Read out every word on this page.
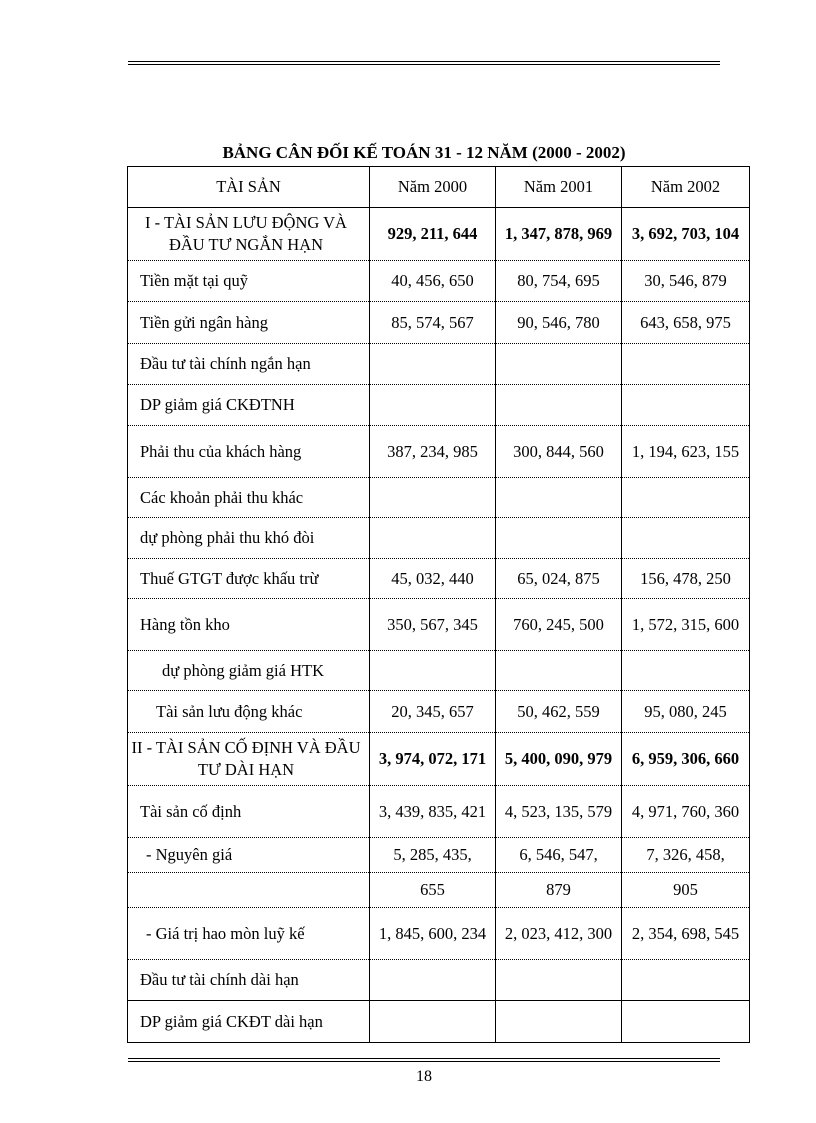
BẢNG CÂN ĐỐI KẾ TOÁN 31 - 12 NĂM (2000 - 2002)
TÀI SẢN	Năm 2000	Năm 2001	Năm 2002
I - TÀI SẢN LƯU ĐỘNG VÀ ĐẦU TƯ NGẮN HẠN	929, 211, 644	1, 347, 878, 969	3, 692, 703, 104
Tiền mặt tại quỹ	40, 456, 650	80, 754, 695	30, 546, 879
Tiền gửi ngân hàng	85, 574, 567	90, 546, 780	643, 658, 975
Đầu tư tài chính ngắn hạn			
DP giảm giá CKĐTNH			
Phải thu của khách hàng	387, 234, 985	300, 844, 560	1, 194, 623, 155
Các khoản phải thu khác			
dự phòng phải thu khó đòi			
Thuế GTGT được khấu trừ	45, 032, 440	65, 024, 875	156, 478, 250
Hàng tồn kho	350, 567, 345	760, 245, 500	1, 572, 315, 600
dự phòng giảm giá HTK			
Tài sản lưu động khác	20, 345, 657	50, 462, 559	95, 080, 245
II - TÀI SẢN CỐ ĐỊNH VÀ ĐẦU TƯ DÀI HẠN	3, 974, 072, 171	5, 400, 090, 979	6, 959, 306, 660
Tài sản cố định	3, 439, 835, 421	4, 523, 135, 579	4, 971, 760, 360
- Nguyên giá	5, 285, 435,	6, 546, 547,	7, 326, 458,
	655	879	905
- Giá trị hao mòn luỹ kế	1, 845, 600, 234	2, 023, 412, 300	2, 354, 698, 545
Đầu tư tài chính dài hạn			
DP giảm giá CKĐT dài hạn			
18
